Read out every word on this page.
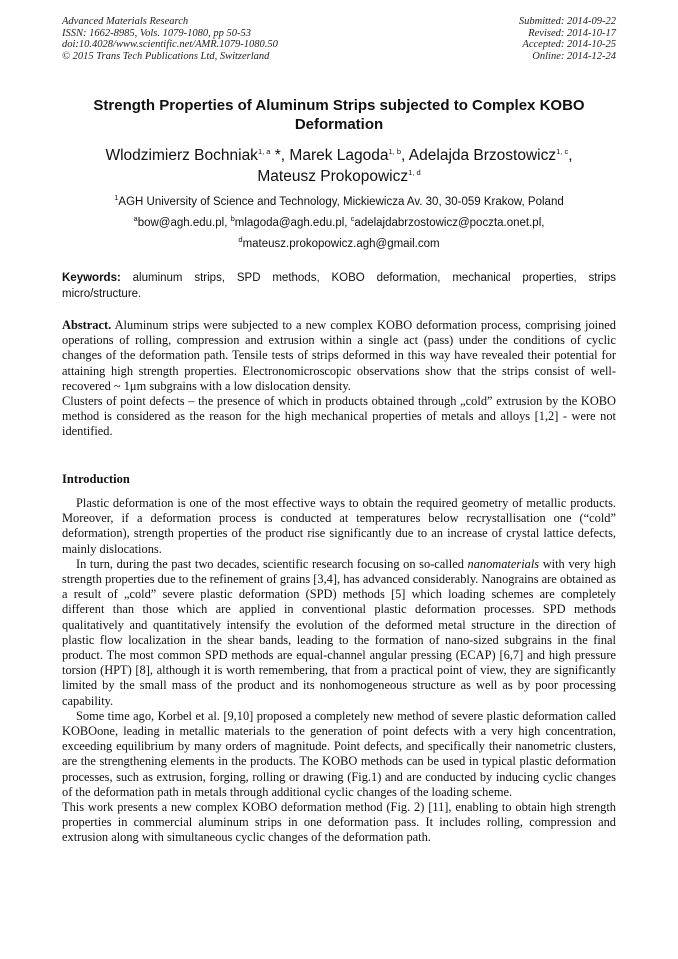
Advanced Materials Research
ISSN: 1662-8985, Vols. 1079-1080, pp 50-53
doi:10.4028/www.scientific.net/AMR.1079-1080.50
© 2015 Trans Tech Publications Ltd, Switzerland
Submitted: 2014-09-22
Revised: 2014-10-17
Accepted: 2014-10-25
Online: 2014-12-24
Strength Properties of Aluminum Strips subjected to Complex KOBO Deformation
Wlodzimierz Bochniak$^{1, a}$ *, Marek Lagoda$^{1, b}$, Adelajda Brzostowicz$^{1, c}$,
Mateusz Prokopowicz$^{1, d}$
$^1$AGH University of Science and Technology, Mickiewicza Av. 30, 30-059 Krakow, Poland
$^a$bow@agh.edu.pl, $^b$mlagoda@agh.edu.pl, $^c$adelajdabrzostowicz@poczta.onet.pl,
$^d$mateusz.prokopowicz.agh@gmail.com
Keywords: aluminum strips, SPD methods, KOBO deformation, mechanical properties, strips micro/structure.
Abstract. Aluminum strips were subjected to a new complex KOBO deformation process, comprising joined operations of rolling, compression and extrusion within a single act (pass) under the conditions of cyclic changes of the deformation path. Tensile tests of strips deformed in this way have revealed their potential for attaining high strength properties. Electronomicroscopic observations show that the strips consist of well-recovered ~ 1μm subgrains with a low dislocation density.
Clusters of point defects – the presence of which in products obtained through „cold” extrusion by the KOBO method is considered as the reason for the high mechanical properties of metals and alloys [1,2] - were not identified.
Introduction

Plastic deformation is one of the most effective ways to obtain the required geometry of metallic products. Moreover, if a deformation process is conducted at temperatures below recrystallisation one (“cold” deformation), strength properties of the product rise significantly due to an increase of crystal lattice defects, mainly dislocations.

In turn, during the past two decades, scientific research focusing on so-called nanomaterials with very high strength properties due to the refinement of grains [3,4], has advanced considerably. Nanograins are obtained as a result of „cold” severe plastic deformation (SPD) methods [5] which loading schemes are completely different than those which are applied in conventional plastic deformation processes. SPD methods qualitatively and quantitatively intensify the evolution of the deformed metal structure in the direction of plastic flow localization in the shear bands, leading to the formation of nano-sized subgrains in the final product. The most common SPD methods are equal-channel angular pressing (ECAP) [6,7] and high pressure torsion (HPT) [8], although it is worth remembering, that from a practical point of view, they are significantly limited by the small mass of the product and its nonhomogeneous structure as well as by poor processing capability.

Some time ago, Korbel et al. [9,10] proposed a completely new method of severe plastic deformation called KOBOone, leading in metallic materials to the generation of point defects with a very high concentration, exceeding equilibrium by many orders of magnitude. Point defects, and specifically their nanometric clusters, are the strengthening elements in the products. The KOBO methods can be used in typical plastic deformation processes, such as extrusion, forging, rolling or drawing (Fig.1) and are conducted by inducing cyclic changes of the deformation path in metals through additional cyclic changes of the loading scheme.

This work presents a new complex KOBO deformation method (Fig. 2) [11], enabling to obtain high strength properties in commercial aluminum strips in one deformation pass. It includes rolling, compression and extrusion along with simultaneous cyclic changes of the deformation path.
